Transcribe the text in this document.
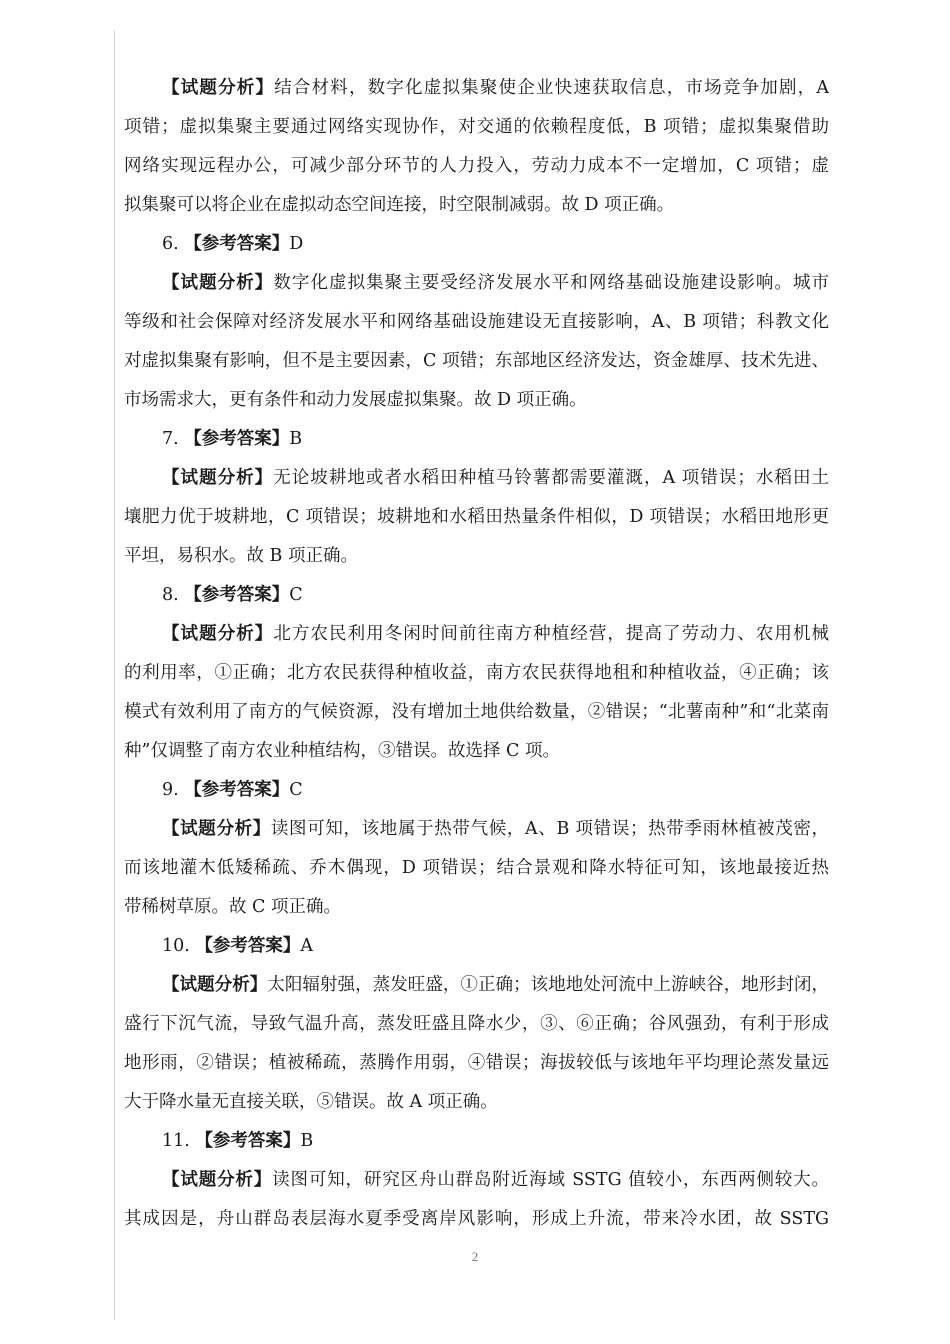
【试题分析】结合材料，数字化虚拟集聚使企业快速获取信息，市场竞争加剧，A
项错；虚拟集聚主要通过网络实现协作，对交通的依赖程度低，B 项错；虚拟集聚借助
网络实现远程办公，可减少部分环节的人力投入，劳动力成本不一定增加，C 项错；虚
拟集聚可以将企业在虚拟动态空间连接，时空限制减弱。故 D 项正确。
6. 【参考答案】D
【试题分析】数字化虚拟集聚主要受经济发展水平和网络基础设施建设影响。城市
等级和社会保障对经济发展水平和网络基础设施建设无直接影响，A、B 项错；科教文化
对虚拟集聚有影响，但不是主要因素，C 项错；东部地区经济发达，资金雄厚、技术先进、
市场需求大，更有条件和动力发展虚拟集聚。故 D 项正确。
7. 【参考答案】B
【试题分析】无论坡耕地或者水稻田种植马铃薯都需要灌溉，A 项错误；水稻田土
壤肥力优于坡耕地，C 项错误；坡耕地和水稻田热量条件相似，D 项错误；水稻田地形更
平坦，易积水。故 B 项正确。
8. 【参考答案】C
【试题分析】北方农民利用冬闲时间前往南方种植经营，提高了劳动力、农用机械
的利用率，①正确；北方农民获得种植收益，南方农民获得地租和种植收益，④正确；该
模式有效利用了南方的气候资源，没有增加土地供给数量，②错误；“北薯南种”和“北菜南
种”仅调整了南方农业种植结构，③错误。故选择 C 项。
9. 【参考答案】C
【试题分析】读图可知，该地属于热带气候，A、B 项错误；热带季雨林植被茂密，
而该地灌木低矮稀疏、乔木偶现，D 项错误；结合景观和降水特征可知，该地最接近热
带稀树草原。故 C 项正确。
10. 【参考答案】A
【试题分析】太阳辐射强，蒸发旺盛，①正确；该地地处河流中上游峡谷，地形封闭，
盛行下沉气流，导致气温升高，蒸发旺盛且降水少，③、⑥正确；谷风强劲，有利于形成
地形雨，②错误；植被稀疏，蒸腾作用弱，④错误；海拔较低与该地年平均理论蒸发量远
大于降水量无直接关联，⑤错误。故 A 项正确。
11. 【参考答案】B
【试题分析】读图可知，研究区舟山群岛附近海域 SSTG 值较小，东西两侧较大。
其成因是，舟山群岛表层海水夏季受离岸风影响，形成上升流，带来冷水团，故 SSTG
2
